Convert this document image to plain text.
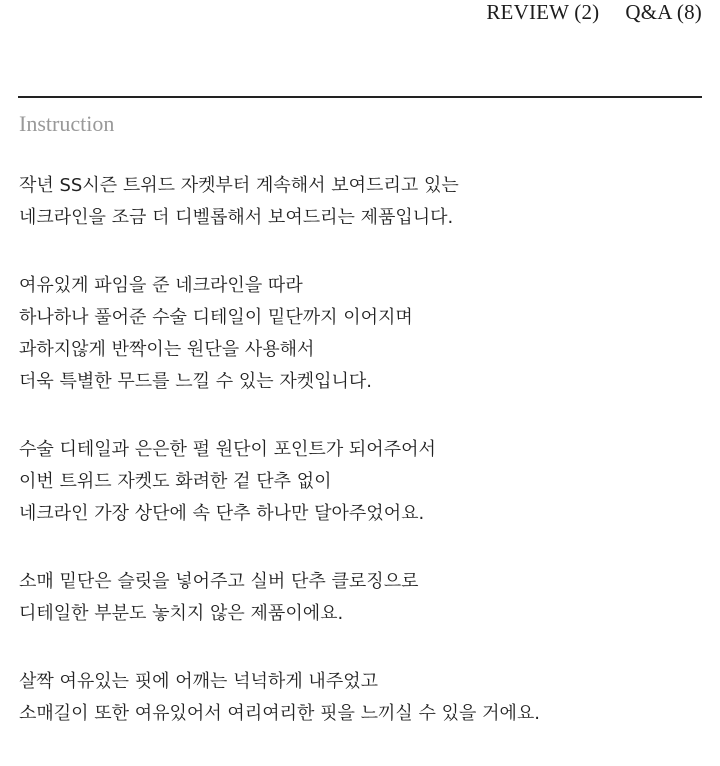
REVIEW (2) Q&A (8)
Instruction
작년 SS시즌 트위드 자켓부터 계속해서 보여드리고 있는
네크라인을 조금 더 디벨롭해서 보여드리는 제품입니다.
여유있게 파임을 준 네크라인을 따라
하나하나 풀어준 수술 디테일이 밑단까지 이어지며
과하지않게 반짝이는 원단을 사용해서
더욱 특별한 무드를 느낄 수 있는 자켓입니다.
수술 디테일과 은은한 펄 원단이 포인트가 되어주어서
이번 트위드 자켓도 화려한 겉 단추 없이
네크라인 가장 상단에 속 단추 하나만 달아주었어요.
소매 밑단은 슬릿을 넣어주고 실버 단추 클로징으로
디테일한 부분도 놓치지 않은 제품이에요.
살짝 여유있는 핏에 어깨는 넉넉하게 내주었고
소매길이 또한 여유있어서 여리여리한 핏을 느끼실 수 있을 거에요.
